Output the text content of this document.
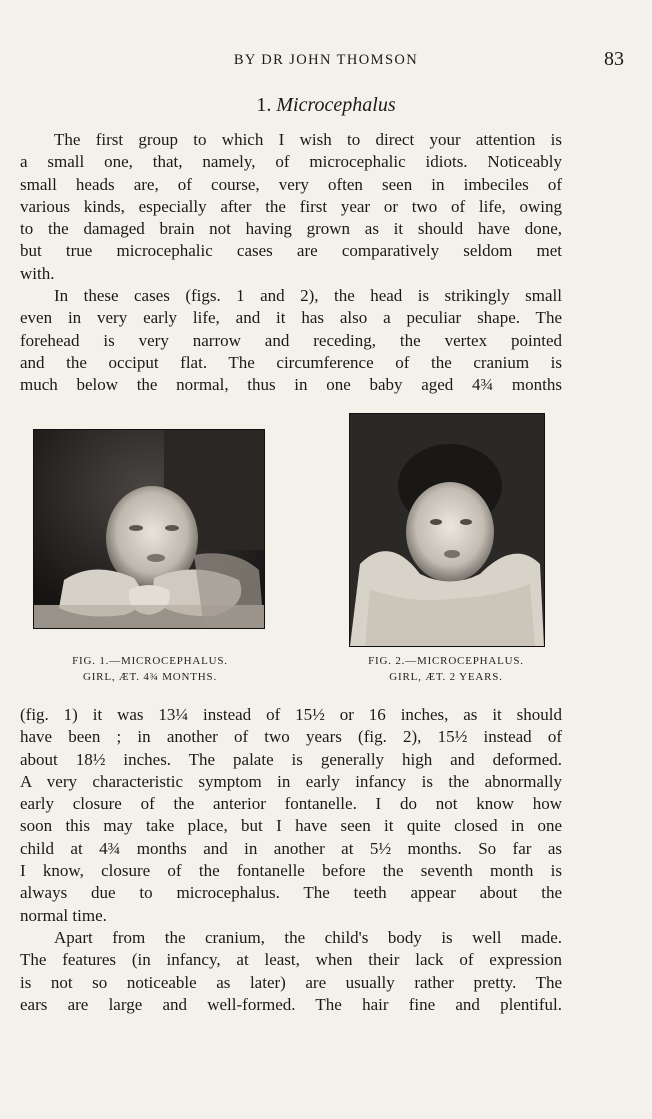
BY DR JOHN THOMSON	83
1. Microcephalus
The first group to which I wish to direct your attention is
a small one, that, namely, of microcephalic idiots. Noticeably
small heads are, of course, very often seen in imbeciles of
various kinds, especially after the first year or two of life, owing
to the damaged brain not having grown as it should have done,
but true microcephalic cases are comparatively seldom met
with.
In these cases (figs. 1 and 2), the head is strikingly small
even in very early life, and it has also a peculiar shape. The
forehead is very narrow and receding, the vertex pointed
and the occiput flat. The circumference of the cranium is
much below the normal, thus in one baby aged 4¾ months
FIG. 1.—MICROCEPHALUS.
GIRL, ÆT. 4¾ MONTHS.
FIG. 2.—MICROCEPHALUS.
GIRL, ÆT. 2 YEARS.
(fig. 1) it was 13¼ instead of 15½ or 16 inches, as it should
have been ; in another of two years (fig. 2), 15½ instead of
about 18½ inches. The palate is generally high and deformed.
A very characteristic symptom in early infancy is the abnormally
early closure of the anterior fontanelle. I do not know how
soon this may take place, but I have seen it quite closed in one
child at 4¾ months and in another at 5½ months. So far as
I know, closure of the fontanelle before the seventh month is
always due to microcephalus. The teeth appear about the
normal time.
Apart from the cranium, the child's body is well made.
The features (in infancy, at least, when their lack of expression
is not so noticeable as later) are usually rather pretty. The
ears are large and well-formed. The hair fine and plentiful.
